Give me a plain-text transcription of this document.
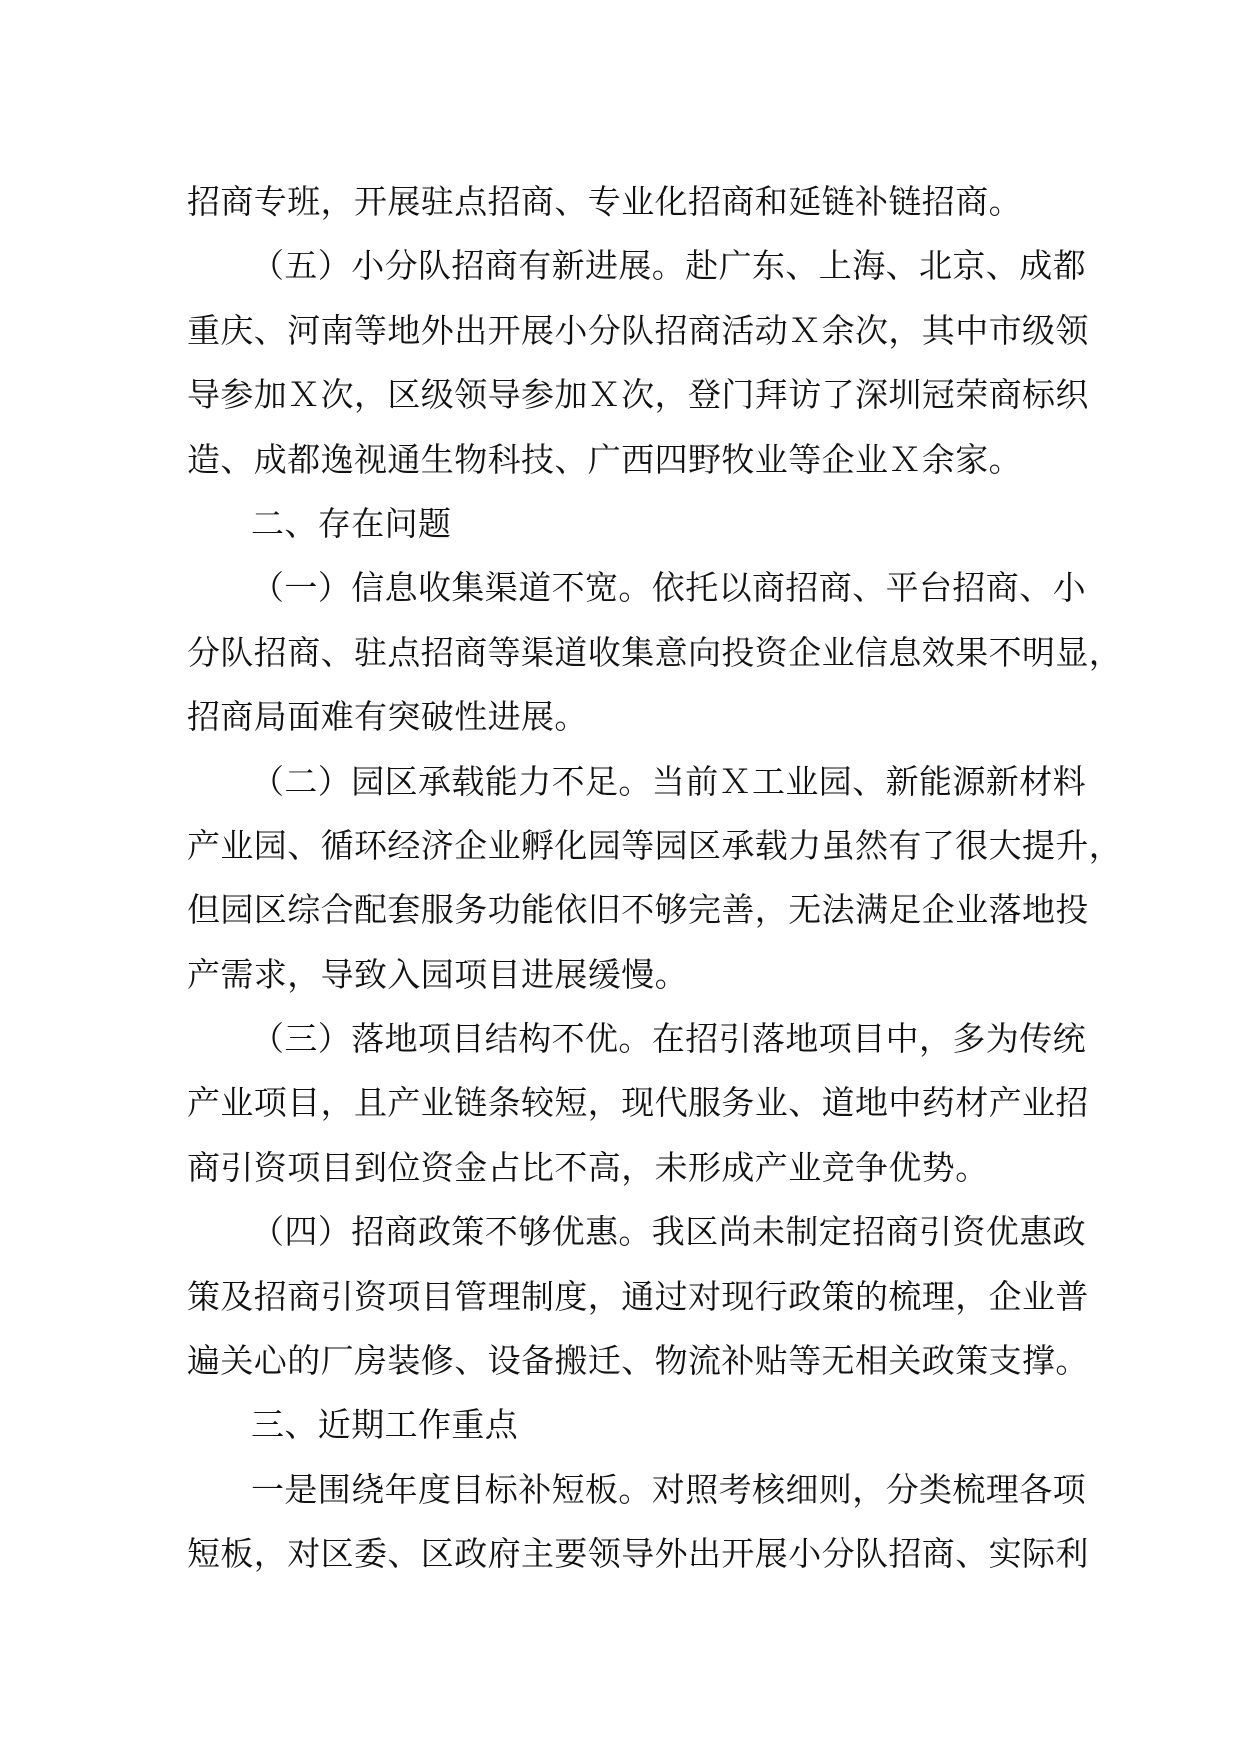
招商专班，开展驻点招商、专业化招商和延链补链招商。
（五）小分队招商有新进展。赴广东、上海、北京、成都
重庆、河南等地外出开展小分队招商活动Ｘ余次，其中市级领
导参加Ｘ次，区级领导参加Ｘ次，登门拜访了深圳冠荣商标织
造、成都逸视通生物科技、广西四野牧业等企业Ｘ余家。
二、存在问题
（一）信息收集渠道不宽。依托以商招商、平台招商、小
分队招商、驻点招商等渠道收集意向投资企业信息效果不明显，
招商局面难有突破性进展。
（二）园区承载能力不足。当前Ｘ工业园、新能源新材料
产业园、循环经济企业孵化园等园区承载力虽然有了很大提升，
但园区综合配套服务功能依旧不够完善，无法满足企业落地投
产需求，导致入园项目进展缓慢。
（三）落地项目结构不优。在招引落地项目中，多为传统
产业项目，且产业链条较短，现代服务业、道地中药材产业招
商引资项目到位资金占比不高，未形成产业竞争优势。
（四）招商政策不够优惠。我区尚未制定招商引资优惠政
策及招商引资项目管理制度，通过对现行政策的梳理，企业普
遍关心的厂房装修、设备搬迁、物流补贴等无相关政策支撑。
三、近期工作重点
一是围绕年度目标补短板。对照考核细则，分类梳理各项
短板，对区委、区政府主要领导外出开展小分队招商、实际利
